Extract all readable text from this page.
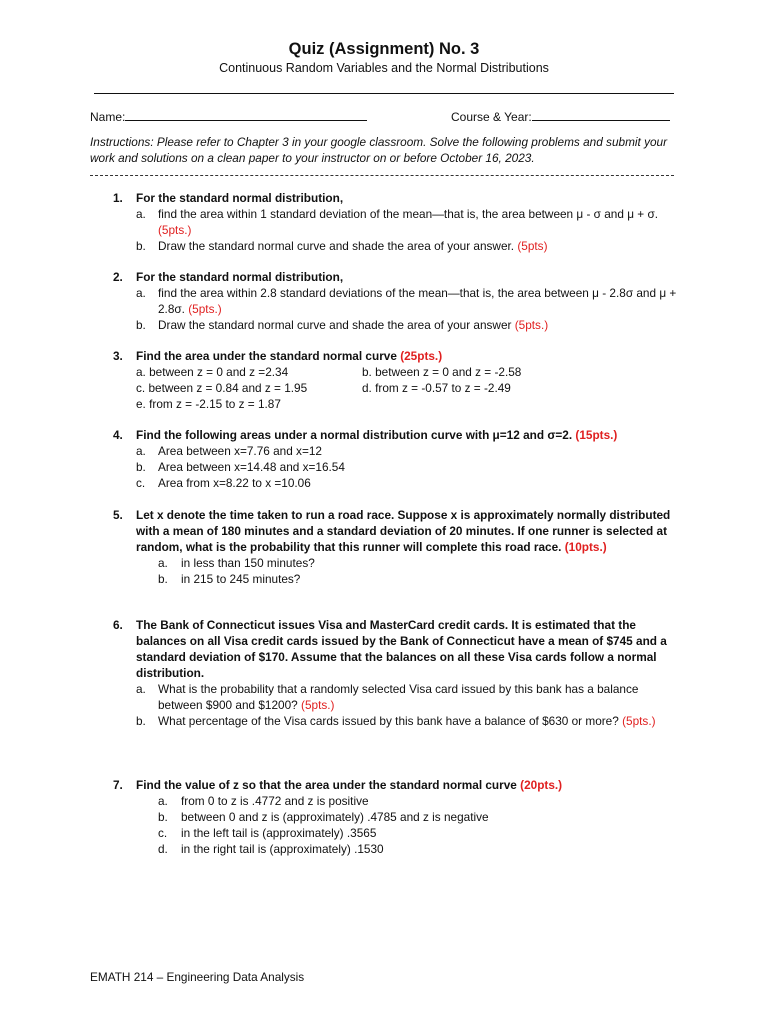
Quiz (Assignment) No. 3
Continuous Random Variables and the Normal Distributions
Name:	Course & Year:
Instructions: Please refer to Chapter 3 in your google classroom. Solve the following problems and submit your work and solutions on a clean paper to your instructor on or before October 16, 2023.
1. For the standard normal distribution,
a. find the area within 1 standard deviation of the mean—that is, the area between μ - σ and μ + σ. (5pts.)
b. Draw the standard normal curve and shade the area of your answer. (5pts)
2. For the standard normal distribution,
a. find the area within 2.8 standard deviations of the mean—that is, the area between μ - 2.8σ and μ + 2.8σ. (5pts.)
b. Draw the standard normal curve and shade the area of your answer (5pts.)
3. Find the area under the standard normal curve (25pts.)
a. between z = 0 and z =2.34	b. between z = 0 and z = -2.58
c. between z = 0.84 and z = 1.95	d. from z = -0.57 to z = -2.49
e. from z = -2.15 to z = 1.87
4. Find the following areas under a normal distribution curve with μ=12 and σ=2. (15pts.)
a. Area between x=7.76 and x=12
b. Area between x=14.48 and x=16.54
c. Area from x=8.22 to x =10.06
5. Let x denote the time taken to run a road race. Suppose x is approximately normally distributed with a mean of 180 minutes and a standard deviation of 20 minutes. If one runner is selected at random, what is the probability that this runner will complete this road race. (10pts.)
a. in less than 150 minutes?
b. in 215 to 245 minutes?
6. The Bank of Connecticut issues Visa and MasterCard credit cards. It is estimated that the balances on all Visa credit cards issued by the Bank of Connecticut have a mean of $745 and a standard deviation of $170. Assume that the balances on all these Visa cards follow a normal distribution.
a. What is the probability that a randomly selected Visa card issued by this bank has a balance between $900 and $1200? (5pts.)
b. What percentage of the Visa cards issued by this bank have a balance of $630 or more? (5pts.)
7. Find the value of z so that the area under the standard normal curve (20pts.)
a. from 0 to z is .4772 and z is positive
b. between 0 and z is (approximately) .4785 and z is negative
c. in the left tail is (approximately) .3565
d. in the right tail is (approximately) .1530
EMATH 214 – Engineering Data Analysis
